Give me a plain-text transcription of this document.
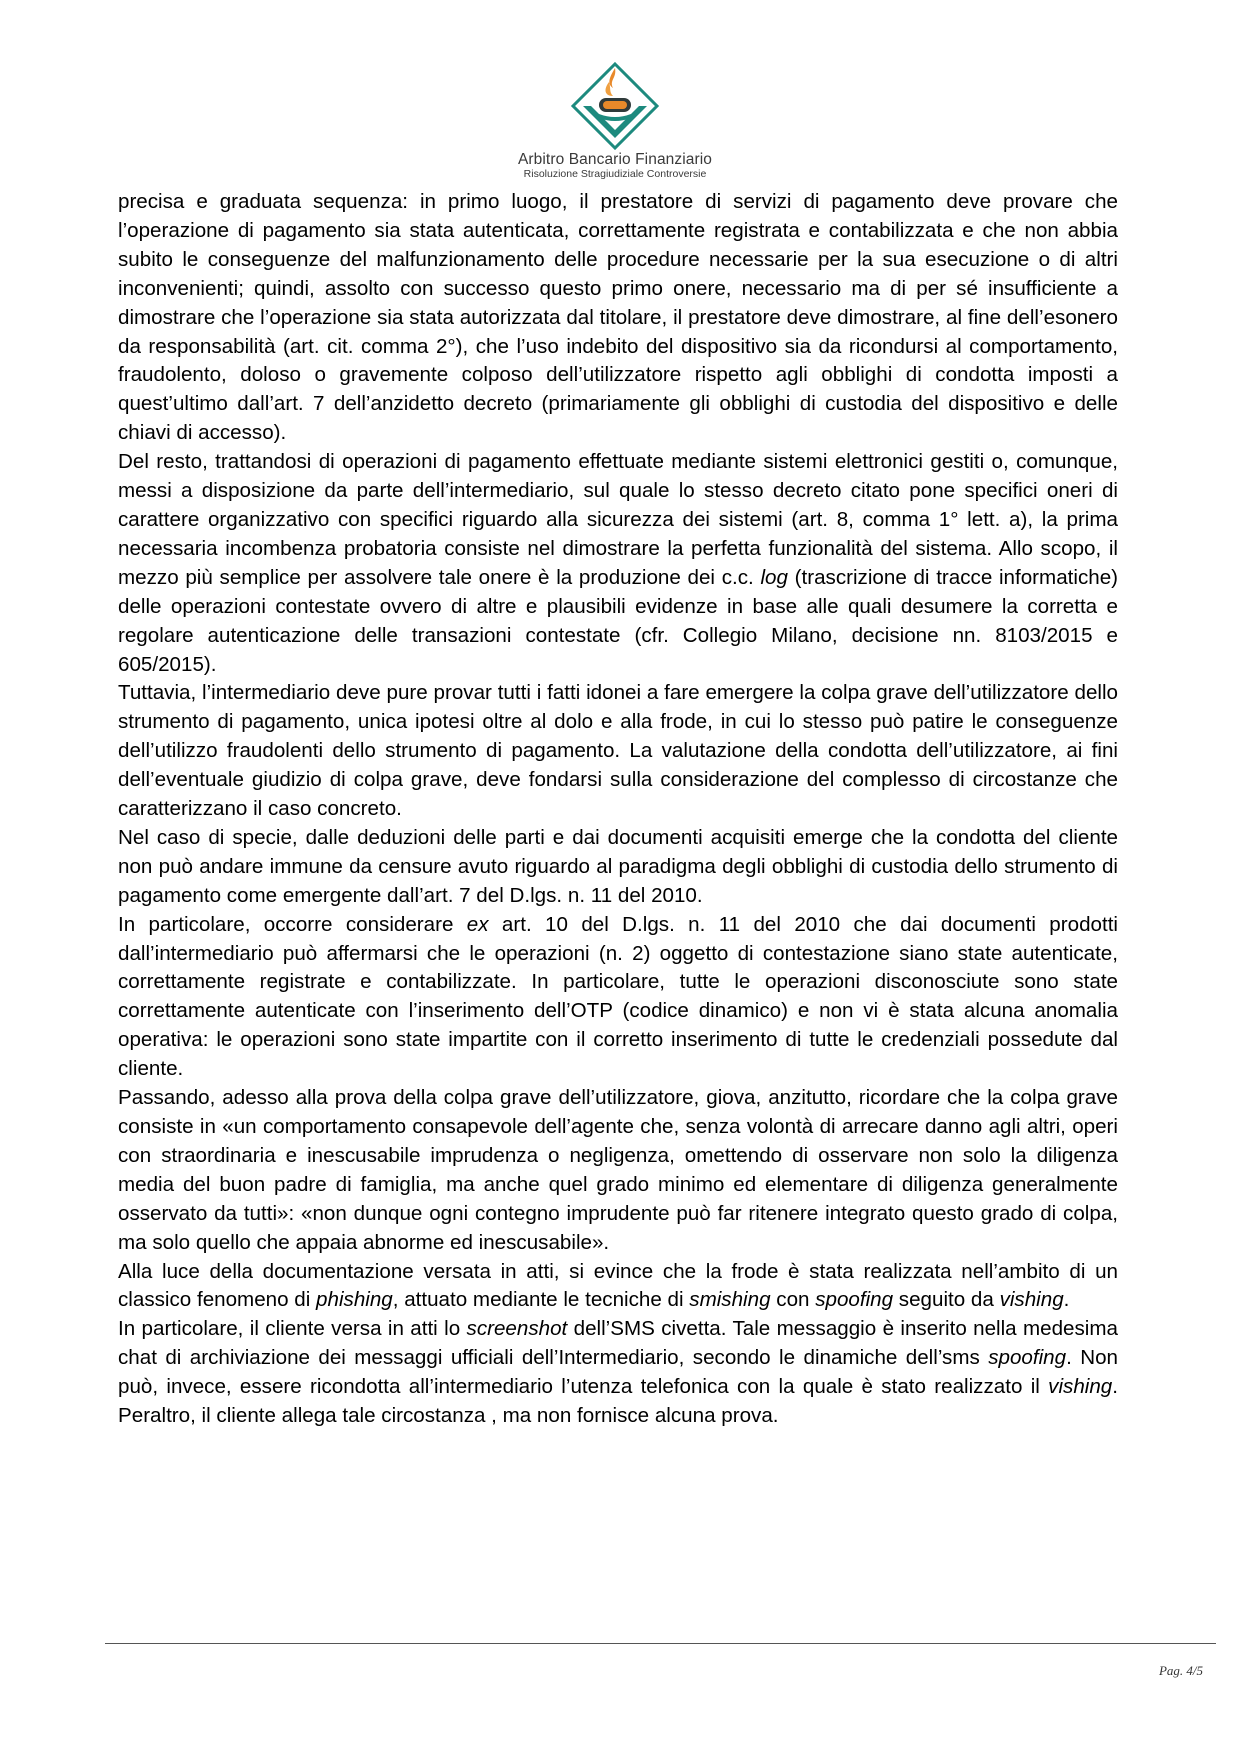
Arbitro Bancario Finanziario
Risoluzione Stragiudiziale Controversie

precisa e graduata sequenza: in primo luogo, il prestatore di servizi di pagamento deve provare che l’operazione di pagamento sia stata autenticata, correttamente registrata e contabilizzata e che non abbia subito le conseguenze del malfunzionamento delle procedure necessarie per la sua esecuzione o di altri inconvenienti; quindi, assolto con successo questo primo onere, necessario ma di per sé insufficiente a dimostrare che l’operazione sia stata autorizzata dal titolare, il prestatore deve dimostrare, al fine dell’esonero da responsabilità (art. cit. comma 2°), che l’uso indebito del dispositivo sia da ricondursi al comportamento, fraudolento, doloso o gravemente colposo dell’utilizzatore rispetto agli obblighi di condotta imposti a quest’ultimo dall’art. 7 dell’anzidetto decreto (primariamente gli obblighi di custodia del dispositivo e delle chiavi di accesso).

Del resto, trattandosi di operazioni di pagamento effettuate mediante sistemi elettronici gestiti o, comunque, messi a disposizione da parte dell’intermediario, sul quale lo stesso decreto citato pone specifici oneri di carattere organizzativo con specifici riguardo alla sicurezza dei sistemi (art. 8, comma 1° lett. a), la prima necessaria incombenza probatoria consiste nel dimostrare la perfetta funzionalità del sistema. Allo scopo, il mezzo più semplice per assolvere tale onere è la produzione dei c.c. log (trascrizione di tracce informatiche) delle operazioni contestate ovvero di altre e plausibili evidenze in base alle quali desumere la corretta e regolare autenticazione delle transazioni contestate (cfr. Collegio Milano, decisione nn. 8103/2015 e 605/2015).

Tuttavia, l’intermediario deve pure provar tutti i fatti idonei a fare emergere la colpa grave dell’utilizzatore dello strumento di pagamento, unica ipotesi oltre al dolo e alla frode, in cui lo stesso può patire le conseguenze dell’utilizzo fraudolenti dello strumento di pagamento. La valutazione della condotta dell’utilizzatore, ai fini dell’eventuale giudizio di colpa grave, deve fondarsi sulla considerazione del complesso di circostanze che caratterizzano il caso concreto.

Nel caso di specie, dalle deduzioni delle parti e dai documenti acquisiti emerge che la condotta del cliente non può andare immune da censure avuto riguardo al paradigma degli obblighi di custodia dello strumento di pagamento come emergente dall’art. 7 del D.lgs. n. 11 del 2010.

In particolare, occorre considerare ex art. 10 del D.lgs. n. 11 del 2010 che dai documenti prodotti dall’intermediario può affermarsi che le operazioni (n. 2) oggetto di contestazione siano state autenticate, correttamente registrate e contabilizzate. In particolare, tutte le operazioni disconosciute sono state correttamente autenticate con l’inserimento dell’OTP (codice dinamico) e non vi è stata alcuna anomalia operativa: le operazioni sono state impartite con il corretto inserimento di tutte le credenziali possedute dal cliente.

Passando, adesso alla prova della colpa grave dell’utilizzatore, giova, anzitutto, ricordare che la colpa grave consiste in «un comportamento consapevole dell’agente che, senza volontà di arrecare danno agli altri, operi con straordinaria e inescusabile imprudenza o negligenza, omettendo di osservare non solo la diligenza media del buon padre di famiglia, ma anche quel grado minimo ed elementare di diligenza generalmente osservato da tutti»: «non dunque ogni contegno imprudente può far ritenere integrato questo grado di colpa, ma solo quello che appaia abnorme ed inescusabile».

Alla luce della documentazione versata in atti, si evince che la frode è stata realizzata nell’ambito di un classico fenomeno di phishing, attuato mediante le tecniche di smishing con spoofing seguito da vishing.

In particolare, il cliente versa in atti lo screenshot dell’SMS civetta. Tale messaggio è inserito nella medesima chat di archiviazione dei messaggi ufficiali dell’Intermediario, secondo le dinamiche dell’sms spoofing. Non può, invece, essere ricondotta all’intermediario l’utenza telefonica con la quale è stato realizzato il vishing. Peraltro, il cliente allega tale circostanza , ma non fornisce alcuna prova.

Pag. 4/5
